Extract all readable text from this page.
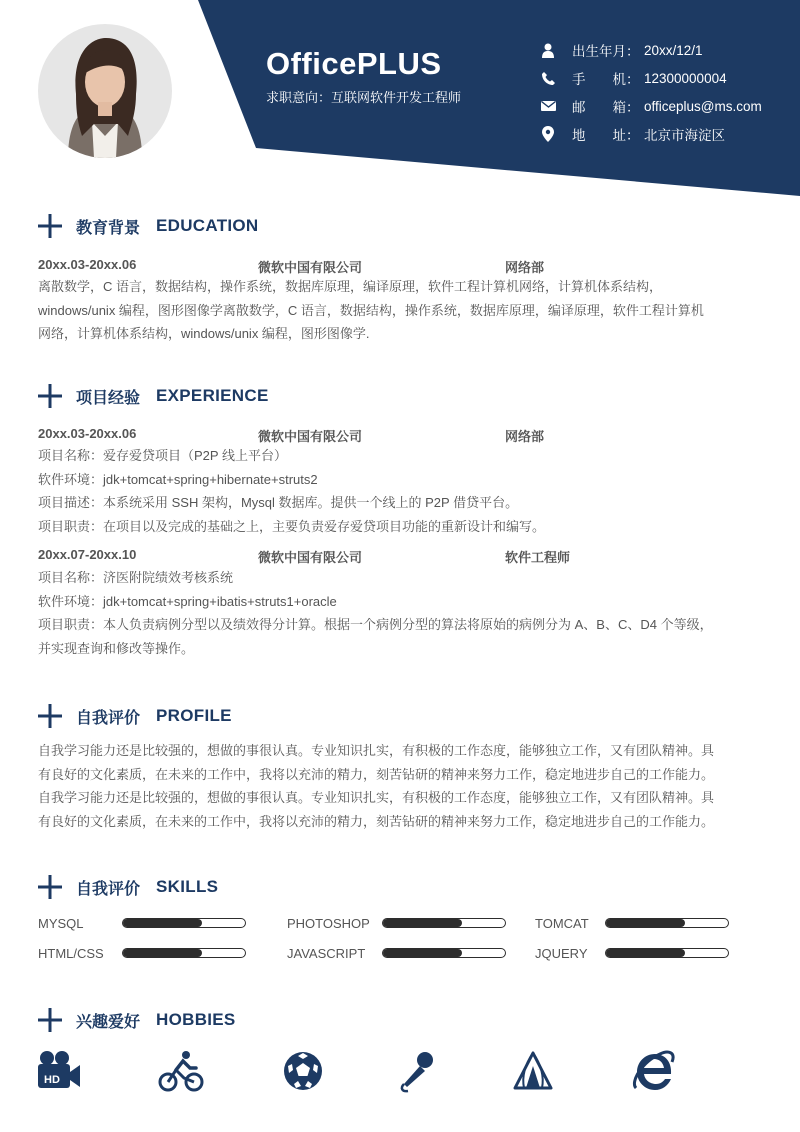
OfficePLUS
求职意向：互联网软件开发工程师
出生年月： 20xx/12/1
手　　机： 12300000004
邮　　箱： officeplus@ms.com
地　　址： 北京市海淀区
教育背景 EDUCATION
20xx.03-20xx.06	微软中国有限公司	网络部
离散数学，C 语言，数据结构，操作系统，数据库原理，编译原理，软件工程计算机网络，计算机体系结构，
windows/unix 编程，图形图像学离散数学，C 语言，数据结构，操作系统，数据库原理，编译原理，软件工程计算机
网络，计算机体系结构，windows/unix 编程，图形图像学.
项目经验 EXPERIENCE
20xx.03-20xx.06	微软中国有限公司	网络部
项目名称：爱存爱贷项目（P2P 线上平台）
软件环境：jdk+tomcat+spring+hibernate+struts2
项目描述：本系统采用 SSH 架构，Mysql 数据库。提供一个线上的 P2P 借贷平台。
项目职责：在项目以及完成的基础之上，主要负责爱存爱贷项目功能的重新设计和编写。
20xx.07-20xx.10	微软中国有限公司	软件工程师
项目名称：济医附院绩效考核系统
软件环境：jdk+tomcat+spring+ibatis+struts1+oracle
项目职责：本人负责病例分型以及绩效得分计算。根据一个病例分型的算法将原始的病例分为 A、B、C、D4 个等级，
并实现查询和修改等操作。
自我评价 PROFILE
自我学习能力还是比较强的，想做的事很认真。专业知识扎实，有积极的工作态度，能够独立工作，又有团队精神。具
有良好的文化素质，在未来的工作中，我将以充沛的精力，刻苦钻研的精神来努力工作，稳定地进步自己的工作能力。
自我学习能力还是比较强的，想做的事很认真。专业知识扎实，有积极的工作态度，能够独立工作，又有团队精神。具
有良好的文化素质，在未来的工作中，我将以充沛的精力，刻苦钻研的精神来努力工作，稳定地进步自己的工作能力。
自我评价 SKILLS
MYSQL	PHOTOSHOP	TOMCAT
HTML/CSS	JAVASCRIPT	JQUERY
兴趣爱好 HOBBIES
HD
